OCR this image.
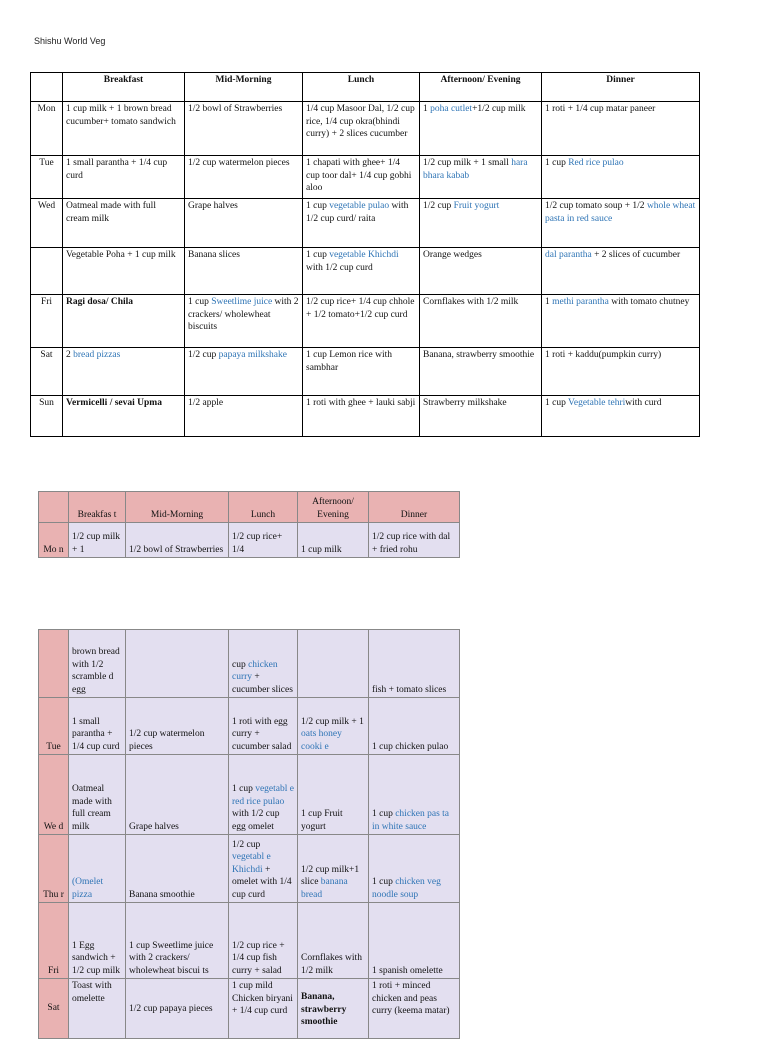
Shishu World Veg
	Breakfast	Mid-Morning	Lunch	Afternoon/ Evening	Dinner
Mon	1 cup milk + 1 brown bread cucumber+ tomato sandwich	1/2 bowl of Strawberries	1/4 cup Masoor Dal, 1/2 cup rice, 1/4 cup okra(bhindi curry) + 2 slices cucumber	1 poha cutlet+1/2 cup milk	1 roti + 1/4 cup matar paneer
Tue	1 small parantha + 1/4 cup curd	1/2 cup watermelon pieces	1 chapati with ghee+ 1/4 cup toor dal+ 1/4 cup gobhi aloo	1/2 cup milk + 1 small hara bhara kabab	1 cup Red rice pulao
Wed	Oatmeal made with full cream milk	Grape halves	1 cup vegetable pulao with 1/2 cup curd/ raita	1/2 cup Fruit yogurt	1/2 cup tomato soup + 1/2 whole wheat pasta in red sauce
	Vegetable Poha + 1 cup milk	Banana slices	1 cup vegetable Khichdi with 1/2 cup curd	Orange wedges	dal parantha + 2 slices of cucumber
Fri	Ragi dosa/ Chila	1 cup Sweetlime juice with 2 crackers/ wholewheat biscuits	1/2 cup rice+ 1/4 cup chhole + 1/2 tomato+1/2 cup curd	Cornflakes with 1/2 milk	1 methi parantha with tomato chutney
Sat	2 bread pizzas	1/2 cup papaya milkshake	1 cup Lemon rice with sambhar	Banana, strawberry smoothie	1 roti + kaddu(pumpkin curry)
Sun	Vermicelli / sevai Upma	1/2 apple	1 roti with ghee + lauki sabji	Strawberry milkshake	1 cup Vegetable tehriwith curd
	Breakfas t	Mid-Morning	Lunch	Afternoon/ Evening	Dinner
Mo n	1/2 cup milk + 1	1/2 bowl of Strawberries	1/2 cup rice+ 1/4	1 cup milk	1/2 cup rice with dal + fried rohu
	brown bread with 1/2 scramble d egg		cup chicken curry + cucumber slices		fish + tomato slices
Tue	1 small parantha + 1/4 cup curd	1/2 cup watermelon pieces	1 roti with egg curry + cucumber salad	1/2 cup milk + 1 oats honey cooki e	1 cup chicken pulao
We d	Oatmeal made with full cream milk	Grape halves	1 cup vegetabl e red rice pulao with 1/2 cup egg omelet	1 cup Fruit yogurt	1 cup chicken pas ta in white sauce
Thu r	(Omelet pizza	Banana smoothie	1/2 cup vegetabl e Khichdi + omelet with 1/4 cup curd	1/2 cup milk+1 slice banana bread	1 cup chicken veg noodle soup
Fri	1 Egg sandwich + 1/2 cup milk	1 cup Sweetlime juice with 2 crackers/ wholewheat biscui ts	1/2 cup rice + 1/4 cup fish curry + salad	Cornflakes with 1/2 milk	1 spanish omelette
Sat	Toast with omelette	1/2 cup papaya pieces	1 cup mild Chicken biryani + 1/4 cup curd	Banana, strawberry smoothie	1 roti + minced chicken and peas curry (keema matar)
